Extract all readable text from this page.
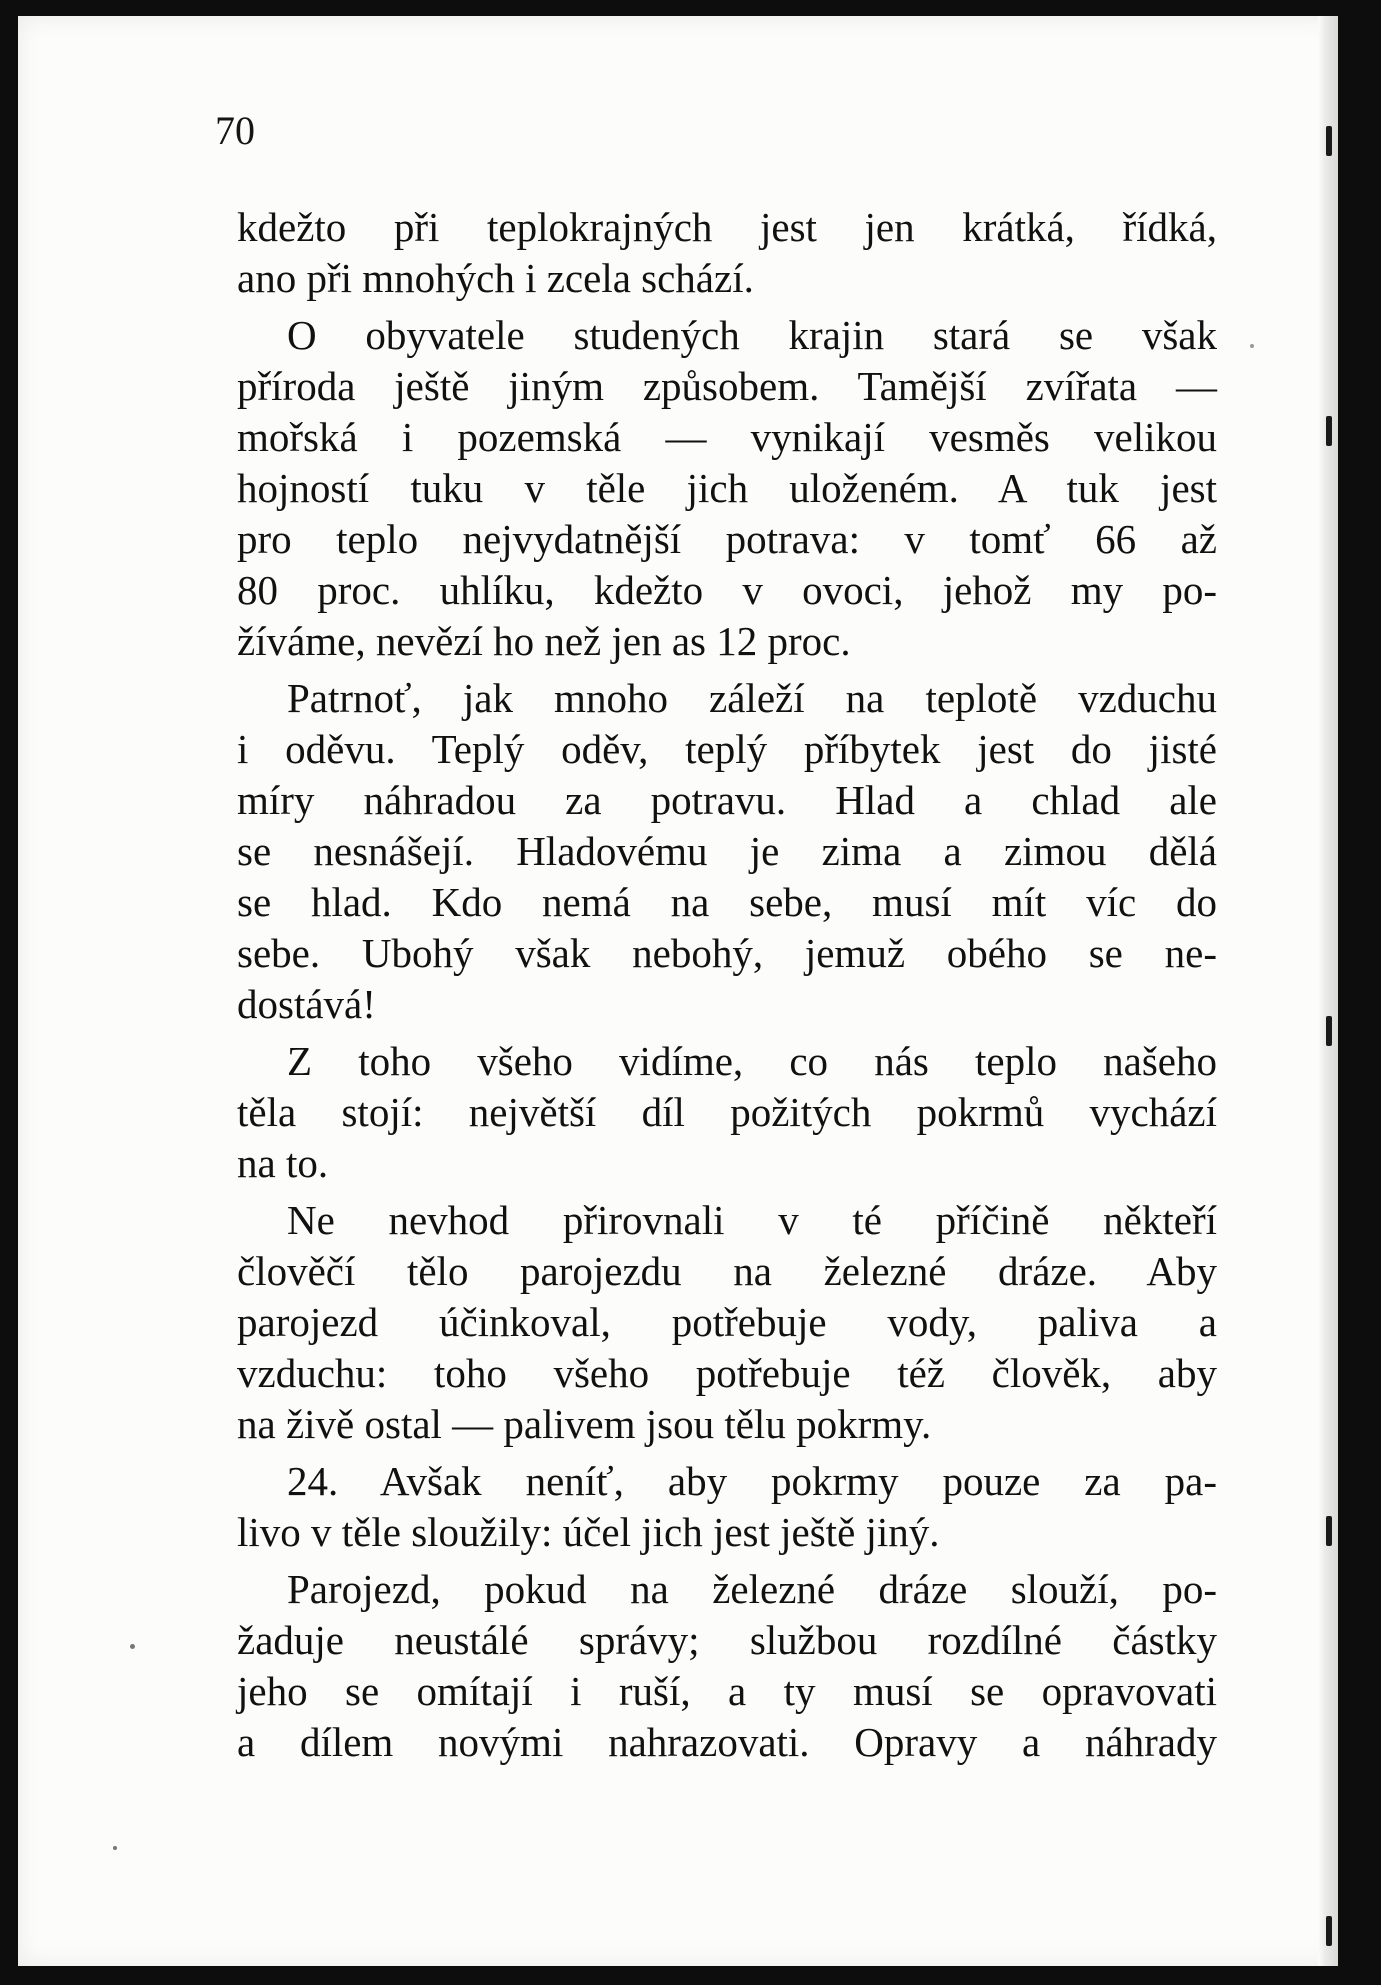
70

kdežto při teplokrajných jest jen krátká, řídká,
ano při mnohých i zcela schází.

O obyvatele studených krajin stará se však
příroda ještě jiným způsobem. Tamější zvířata —
mořská i pozemská — vynikají vesměs velikou
hojností tuku v těle jich uloženém. A tuk jest
pro teplo nejvydatnější potrava: v tomť 66 až
80 proc. uhlíku, kdežto v ovoci, jehož my po-
žíváme, nevězí ho než jen as 12 proc.

Patrnoť, jak mnoho záleží na teplotě vzduchu
i oděvu. Teplý oděv, teplý příbytek jest do jisté
míry náhradou za potravu. Hlad a chlad ale
se nesnášejí. Hladovému je zima a zimou dělá
se hlad. Kdo nemá na sebe, musí mít víc do
sebe. Ubohý však nebohý, jemuž obého se ne-
dostává!

Z toho všeho vidíme, co nás teplo našeho
těla stojí: největší díl požitých pokrmů vychází
na to.

Ne nevhod přirovnali v té příčině někteří
člověčí tělo parojezdu na železné dráze. Aby
parojezd účinkoval, potřebuje vody, paliva a
vzduchu: toho všeho potřebuje též člověk, aby
na živě ostal — palivem jsou tělu pokrmy.

24. Avšak neníť, aby pokrmy pouze za pa-
livo v těle sloužily: účel jich jest ještě jiný.

Parojezd, pokud na železné dráze slouží, po-
žaduje neustálé správy; službou rozdílné částky
jeho se omítají i ruší, a ty musí se opravovati
a dílem novými nahrazovati. Opravy a náhrady
